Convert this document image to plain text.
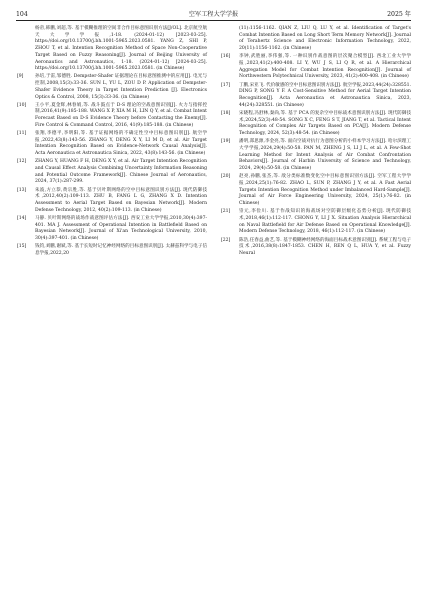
104	空军工程大学学报	2025 年
杨帝,韩鹏,刘超,等. 基于模糊推理的空间非合作目标意图识别方法[J/OL]. 北京航空航天大学学报,1-18. (2024-01-12) [2023-03-25]. https://doi.org/10.13700/j.bh.1001-5965.2023.0581. YANG Z, SHI P, ZHOU T, et al. Intention Recognition Method of Space Non-Cooperative Target Based on Fuzzy Reasoning[J]. Journal of Beijing University of Aeronautics and Astronautics, 1-18. (2024-01-12) [2024-03-25]. https://doi.org/10.13700/j.bh.1001-5965.2023.0581. (in Chinese)
[9]	孙培,于雷,邹德胜. Dempster-Shafer 证据理论在目标意图推测中的应用[J]. 电光与控制,2008,15(3):33-36. SUN L, YU L, ZOU D P. Application of Dempster-Shafer Evidence Theory in Target Intention Prediction [J]. Electronics Optics & Control, 2008, 15(3):33-36. (in Chinese)
[10]	王小平,夏金辉,林春娟,等. 战斗鼓点于 D-S 理论的空战意图识别[J]. 火力与指挥控制,2016,41(9):185-188. WANG X P, XIA M H, LIN Q Y, et al. Combat Intent Forecast Based on D-S Evidence Theory before Contacting the Enemy[J]. Fire Control & Command Control, 2016, 41(9):185-188. (in Chinese)
[11]	张翔,李德平,李明阳,等. 基于证据网络的不确定性空中目标意图识别[J]. 航空学报,2022,43(8):143-56. ZHANG Y, DENG X Y, LI M D, et al. Air Target Intention Recognition Based on Evidence-Network Causal Analysis[J]. Acta Aeronautica et Astronautica Sinica, 2022, 43(8):143-56. (in Chinese)
[12]	ZHANG Y, HUANG F H, DENG X Y, et al. Air Target Intention Recognition and Causal Effect Analysis Combining Uncertainty Information Reasoning and Potential Outcome Framework[J]. Chinese Journal of Aeronautics, 2024, 37(1):287-299.
[13]	朱波,方立恭,黄宗胜,等. 基于贝叶斯网络的空中目标意图识别方法[J]. 现代防御技术,2012,40(2):109-113. ZHU B, FANG L G, ZHANG X D. Intention Assessment to Aerial Target Based on Bayesian Network[J]. Modern Defense Technology, 2012, 40(2):109-113. (in Chinese)
[14]	马静. 贝叶斯网络的战场作战意图评估方法[J]. 西安工业大学学报,2010,30(4):397-401. MA J. Assessment of Operational Intention in Battlefield Based on Bayesian Network[J]. Journal of Xi'an Technological University, 2010, 30(4):397-401. (in Chinese)
[15]	钱钧,刘鹏,谢斌,等. 基于长短时记忆神经网络的目标意图识别[J]. 太赫兹科学与电子信息学报,2022,20
(11):1156-1162. QIAN Z, LIU Q, LU Y, et al. Identification of Target's Combat Intention Based on Long Short Term Memory Network[J]. Journal of Terahertz Science and Electronic Information Technology, 2022, 20(11):1156-1162. (in Chinese)
[16]	李钟,武胜丽,李伟强,等. 一种识别作战意图的层次聚合模型[J]. 西北工业大学学报,2023,41(2):400-408. LI Y, WU J S, LI Q R, et al. A Hierarchical Aggregation Model for Combat Intention Recognition[J]. Journal of Northwestern Polytechnical University, 2023, 41(2):400-408. (in Chinese)
[17]	丁鹏,宋亚飞. 代价敏感的空中目标意图识别方法[J]. 航空学报,2023,44(24):328551. DING P, SONG Y F. A Cost-Sensitive Method for Aerial Target Intention Recognition[J]. Acta Aeronautica et Astronautica Sinica, 2023, 44(24):328551. (in Chinese)
[18]	宋晓程,冯舒林,秦尚,等. 基于 PCA 的复杂空中目标战术意图识别方法[J]. 现代防御技术,2024,52(3):48-54. SONG X C, FENG S T, JIANG T, et al. Tactical Intent Recognition of Complex Air Targets Based on PCA[J]. Modern Defense Technology, 2024, 52(3):48-54. (in Chinese)
[19]	潘明,郑思源,李金亮,等. 面向空战对抗行为意图分析的小样本学习方法[J]. 哈尔滨理工大学学报,2024,29(4):50-58. PAN M, ZHENG J S, LI J L, et al. A Few-Shot Learning Method for Intent Analysis of Air Combat Confrontation Behaviors[J]. Journal of Harbin University of Science and Technology, 2024, 29(4):50-58. (in Chinese)
[20]	赵亮,孙鹏,张杰,等. 敌分类标准数变化空中目标意图识别方法[J]. 空军工程大学学报,2024,25(1):76-82. ZHAO L, SUN P, ZHANG J Y, et al. A Fast Aerial Targets Intention Recognition Method under Imbalanced Hard-Sample[J]. Journal of Air Force Engineering University, 2024, 25(1):76-82. (in Chinese)
[21]	崇元,李俭川. 基于作战知识的海战场对空防御层级化态势分析[J]. 现代防御技术,2018,46(1):112-117. CHONG Y, LI J X. Situation Analysis Hierarchical on Naval Battlefield for Air Defense Based on Operational Knowledge[J]. Modern Defense Technology, 2018, 46(1):112-117. (in Chinese)
[22]	陈浩,任春益,曲艺,等. 基于模糊神经网络的海面目标战术意图识别[J]. 系统工程与电子技术,2016,38(8):1847-1853. CHEN H, REN Q L, HUA Y, et al. Fuzzy Neural
